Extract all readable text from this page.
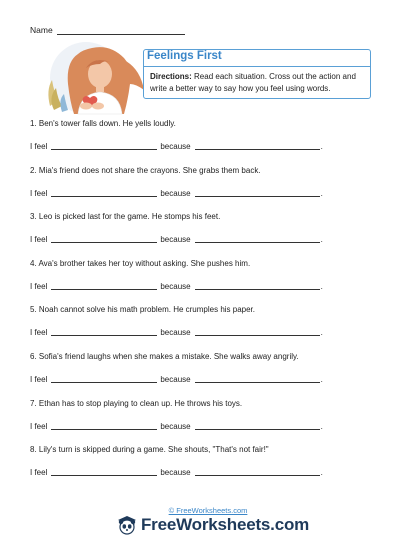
Name
Feelings First
Directions: Read each situation. Cross out the action and write a better way to say how you feel using words.
1. Ben's tower falls down. He yells loudly.
I feel	because	.
2. Mia's friend does not share the crayons. She grabs them back.
I feel	because	.
3. Leo is picked last for the game. He stomps his feet.
I feel	because	.
4. Ava's brother takes her toy without asking. She pushes him.
I feel	because	.
5. Noah cannot solve his math problem. He crumples his paper.
I feel	because	.
6. Sofia's friend laughs when she makes a mistake. She walks away angrily.
I feel	because	.
7. Ethan has to stop playing to clean up. He throws his toys.
I feel	because	.
8. Lily's turn is skipped during a game. She shouts, "That's not fair!"
I feel	because	.
© FreeWorksheets.com
FreeWorksheets.com
